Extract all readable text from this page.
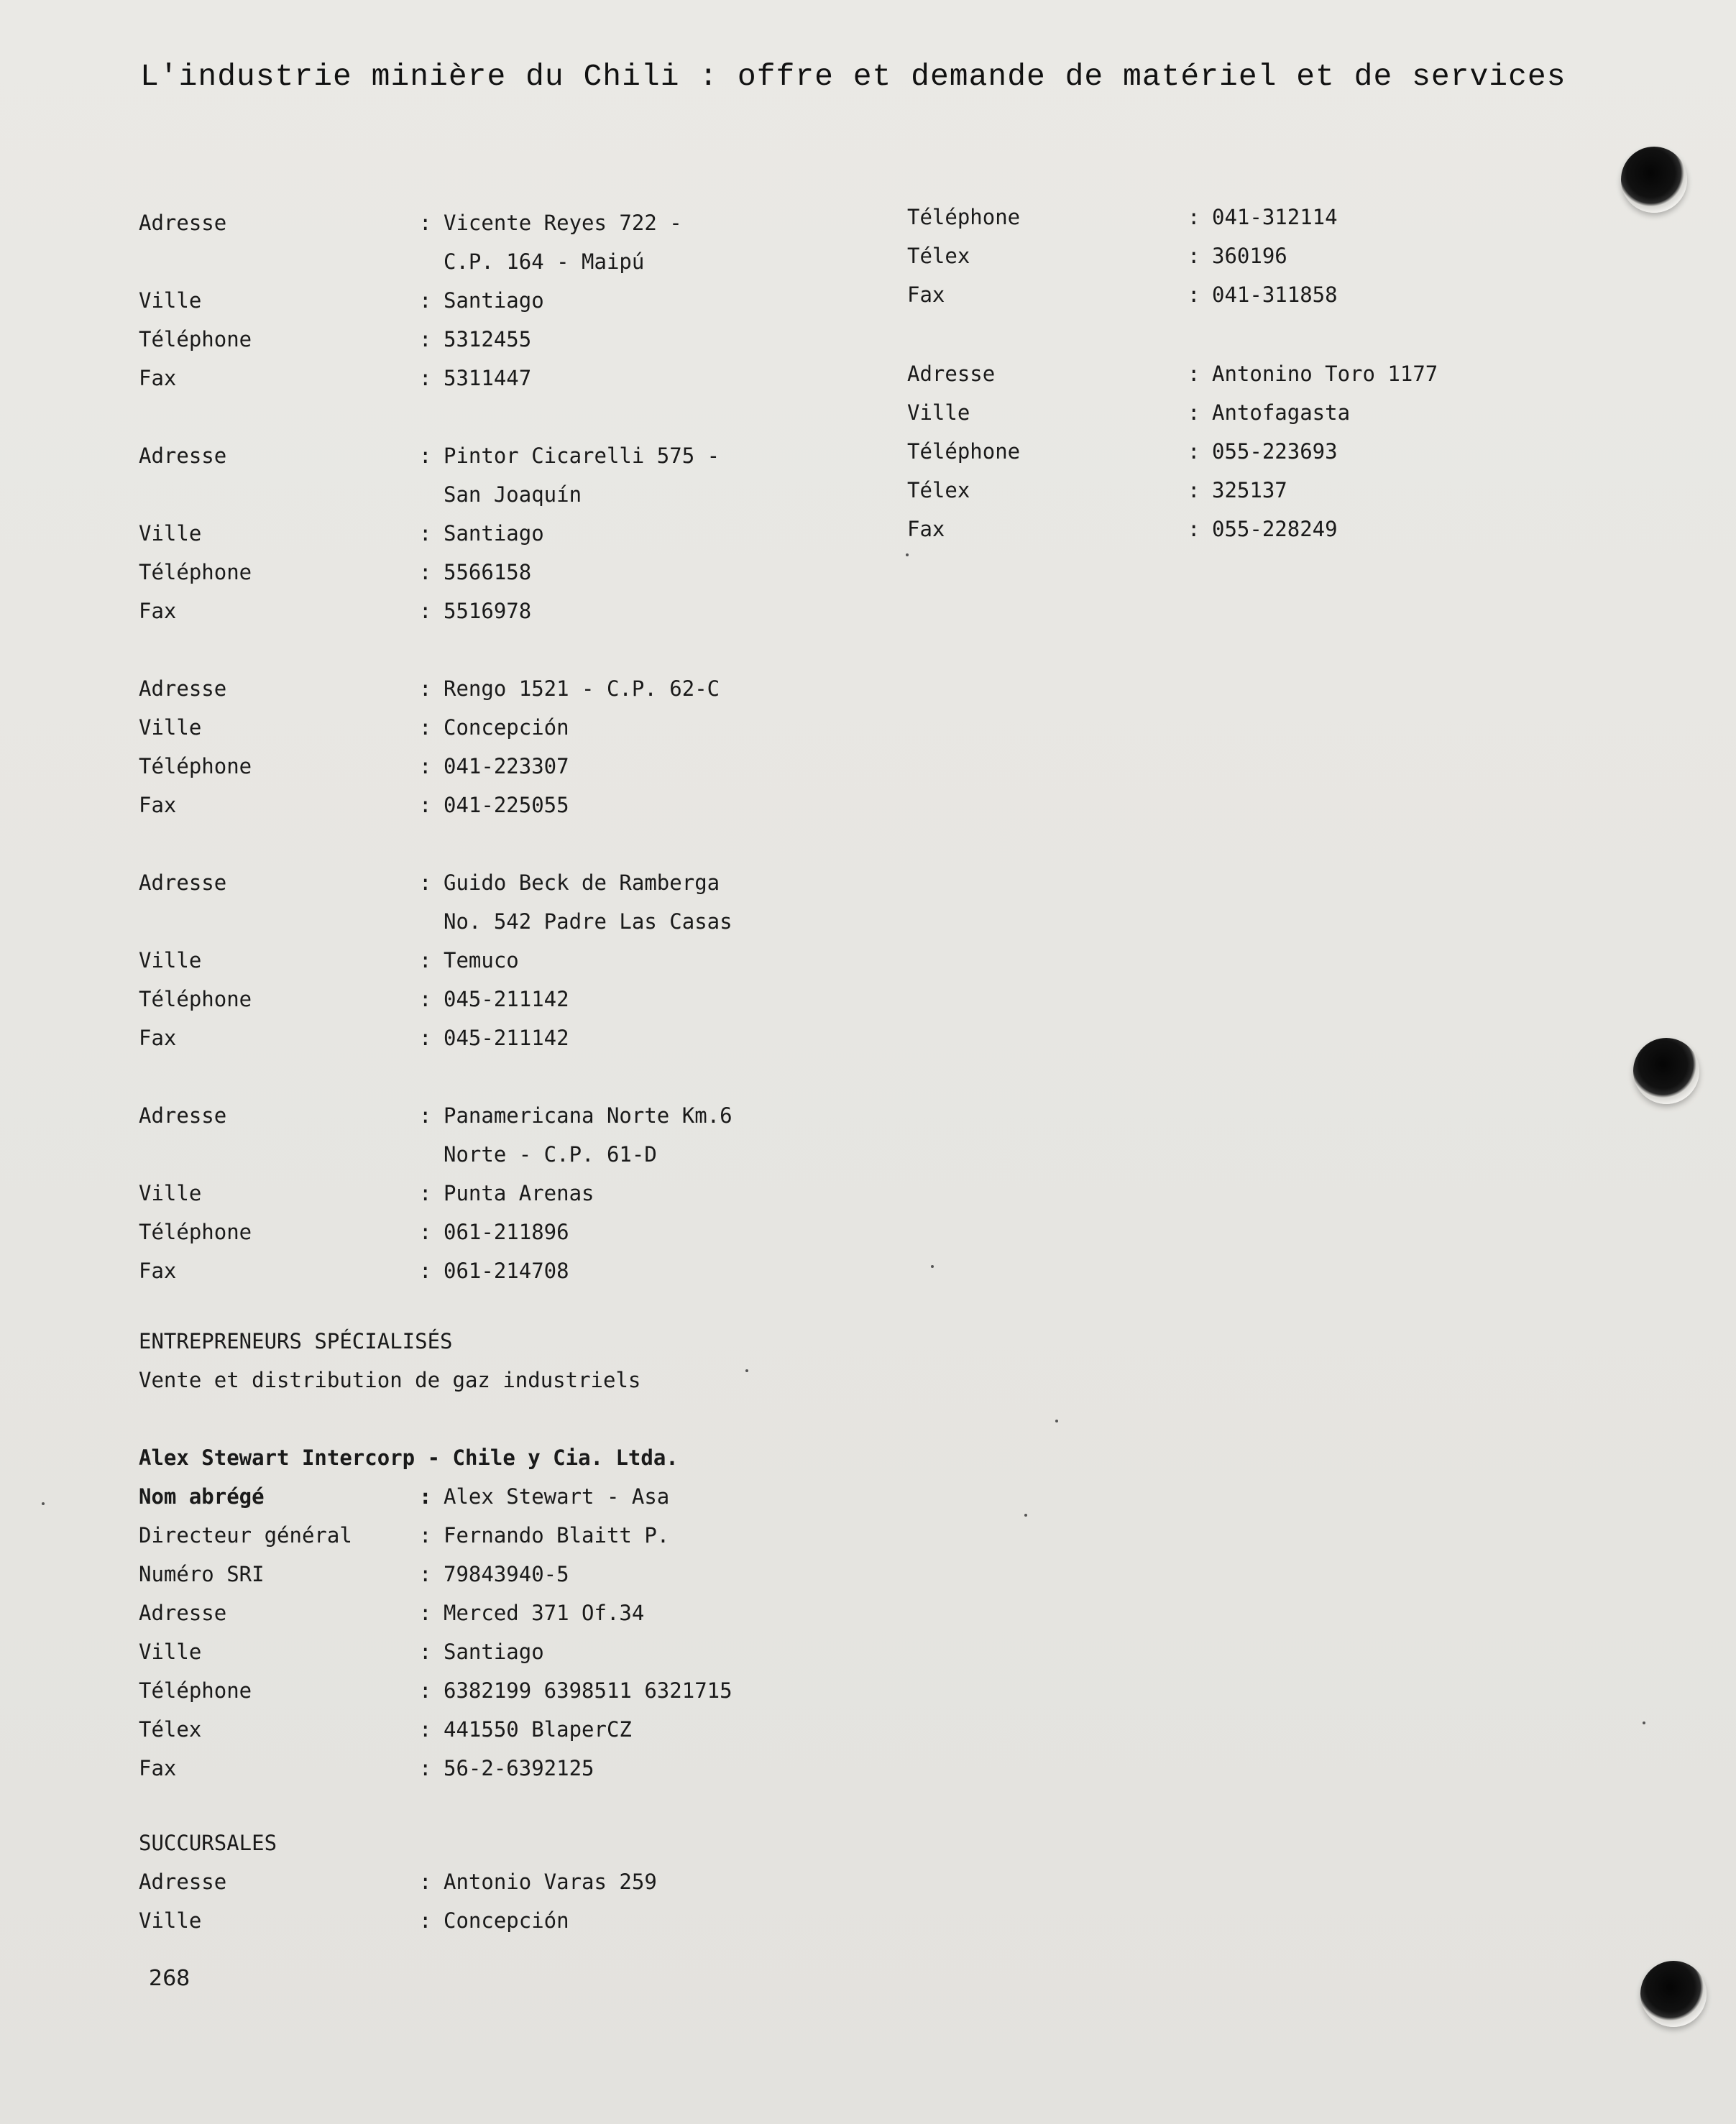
L'industrie minière du Chili : offre et demande de matériel et de services
Adresse	: Vicente Reyes 722 -
C.P. 164 - Maipú
Ville	: Santiago
Téléphone	: 5312455
Fax	: 5311447
Adresse	: Pintor Cicarelli 575 -
San Joaquín
Ville	: Santiago
Téléphone	: 5566158
Fax	: 5516978
Adresse	: Rengo 1521 - C.P. 62-C
Ville	: Concepción
Téléphone	: 041-223307
Fax	: 041-225055
Adresse	: Guido Beck de Ramberga
No. 542 Padre Las Casas
Ville	: Temuco
Téléphone	: 045-211142
Fax	: 045-211142
Adresse	: Panamericana Norte Km.6
Norte - C.P. 61-D
Ville	: Punta Arenas
Téléphone	: 061-211896
Fax	: 061-214708
ENTREPRENEURS SPÉCIALISÉS
Vente et distribution de gaz industriels
Alex Stewart Intercorp - Chile y Cia. Ltda.
Nom abrégé	: Alex Stewart - Asa
Directeur général	: Fernando Blaitt P.
Numéro SRI	: 79843940-5
Adresse	: Merced 371 Of.34
Ville	: Santiago
Téléphone	: 6382199 6398511 6321715
Télex	: 441550 BlaperCZ
Fax	: 56-2-6392125
SUCCURSALES
Adresse	: Antonio Varas 259
Ville	: Concepción
Téléphone	: 041-312114
Télex	: 360196
Fax	: 041-311858
Adresse	: Antonino Toro 1177
Ville	: Antofagasta
Téléphone	: 055-223693
Télex	: 325137
Fax	: 055-228249
268
